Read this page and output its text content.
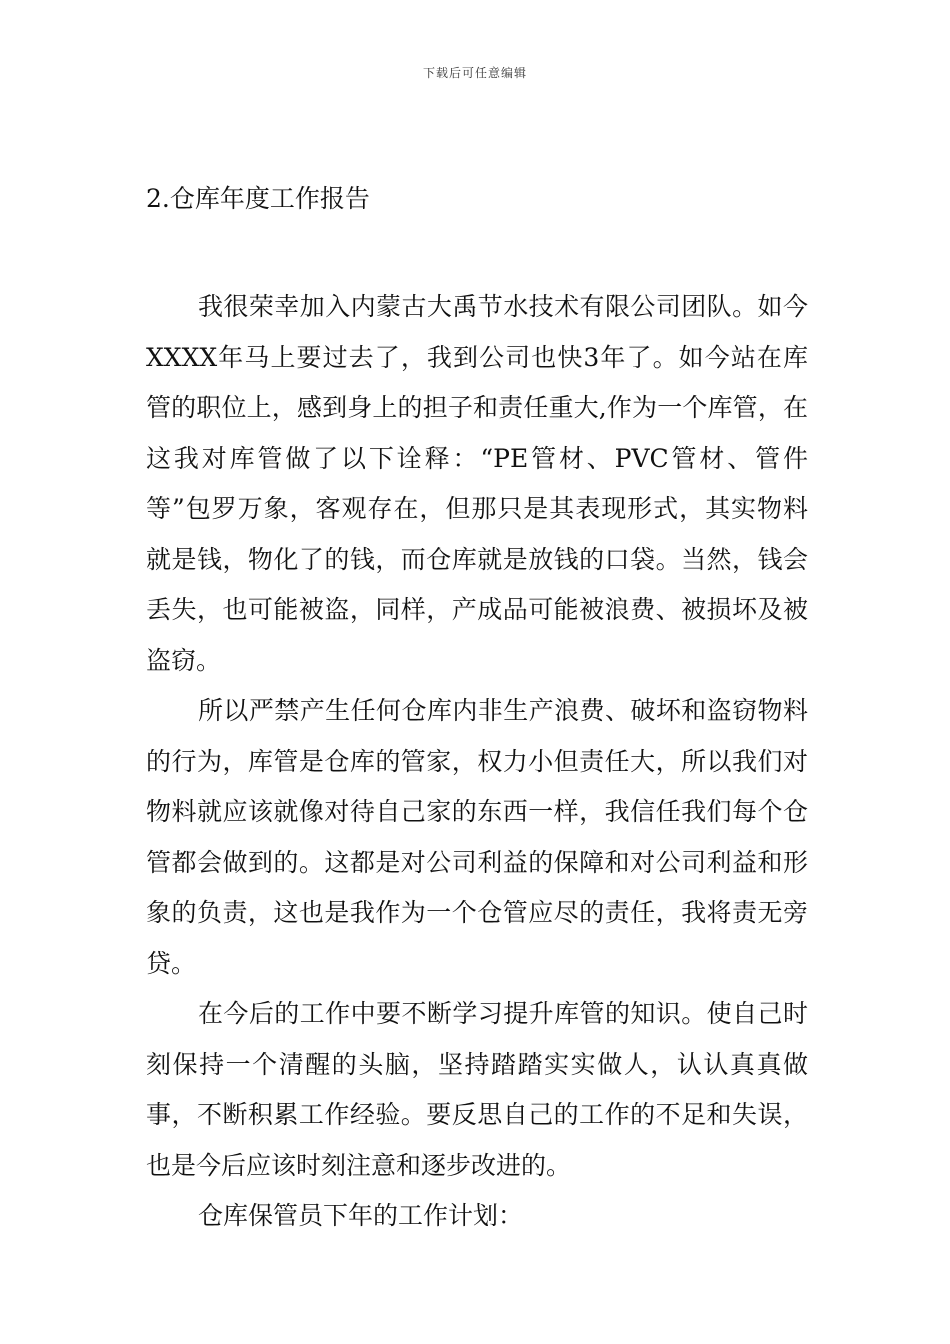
下载后可任意编辑
2.仓库年度工作报告

我很荣幸加入内蒙古大禹节水技术有限公司团队。如今XXXX年马上要过去了，我到公司也快3年了。如今站在库管的职位上，感到身上的担子和责任重大,作为一个库管，在这我对库管做了以下诠释：“PE管材、PVC管材、管件等”包罗万象，客观存在，但那只是其表现形式，其实物料就是钱，物化了的钱，而仓库就是放钱的口袋。当然，钱会丢失，也可能被盗，同样，产成品可能被浪费、被损坏及被盗窃。

所以严禁产生任何仓库内非生产浪费、破坏和盗窃物料的行为，库管是仓库的管家，权力小但责任大，所以我们对物料就应该就像对待自己家的东西一样，我信任我们每个仓管都会做到的。这都是对公司利益的保障和对公司利益和形象的负责，这也是我作为一个仓管应尽的责任，我将责无旁贷。

在今后的工作中要不断学习提升库管的知识。使自己时刻保持一个清醒的头脑，坚持踏踏实实做人，认认真真做事，不断积累工作经验。要反思自己的工作的不足和失误，也是今后应该时刻注意和逐步改进的。

仓库保管员下年的工作计划：
